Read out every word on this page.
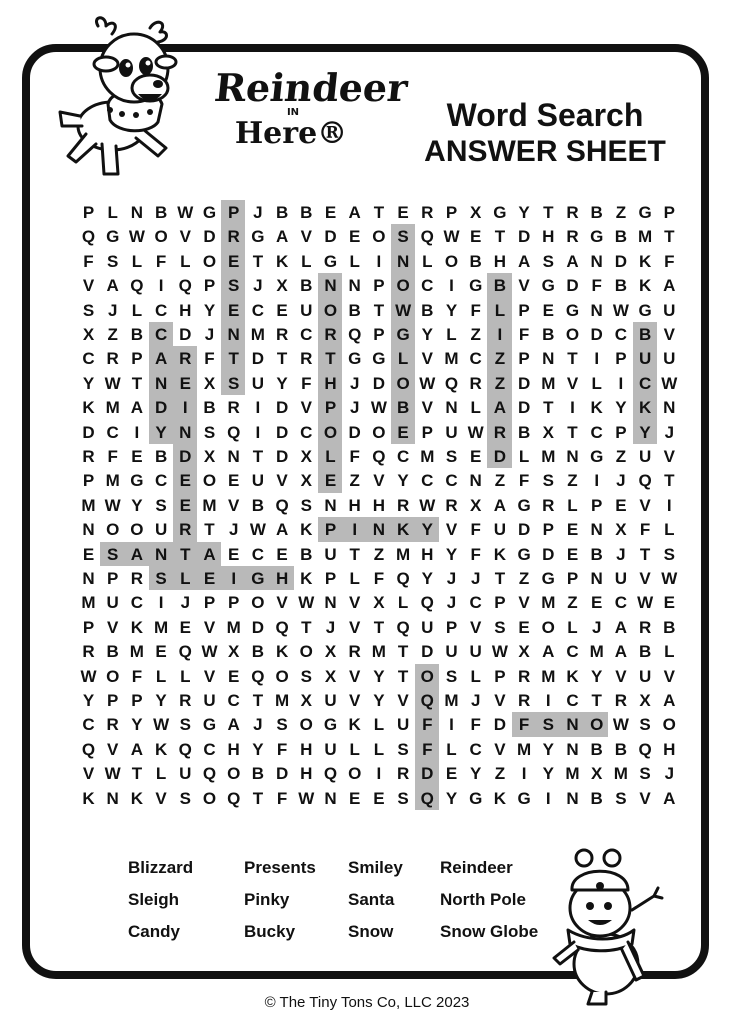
Reindeer
IN
Here®
Word Search
ANSWER SHEET
P L N B W G P J B B E A T E R P X G Y T R B Z G P
Q G W O V D R G A V D E O S Q W E T D H R G B M T
F S L F L O E T K L G L I N L O B H A S A N D K F
V A Q I Q P S J X B N N P O C I G B V G D F B K A
S J L C H Y E C E U O B T W B Y F L P E G N W G U
X Z B C D J N M R C R Q P G Y L Z I F B O D C B V
C R P A R F T D T R T G G L V M C Z P N T I P U U
Y W T N E X S U Y F H J D O W Q R Z D M V L I C W
K M A D I B R I D V P J W B V N L A D T I K Y K N
D C I Y N S Q I D C O D O E P U W R B X T C P Y J
R F E B D X N T D X L F Q C M S E D L M N G Z U V
P M G C E O E U V X E Z V Y C C N Z F S Z I	J Q T
M W Y S E M V B Q S N H H R W R X A G R L P E V I
N O O U R T J W A K P I N K Y V F U D P E N X F L
E S A N T A E C E B U T Z M H Y F K G D E B J T S
N P R S L E I G H K P L F Q Y J J T Z G P N U V W
M U C I	J P P O V W N V X L Q J C P V M Z E C W E
P V K M E V M D Q T J V T Q U P V S E O L J A R B
R B M E Q W X B K O X R M T D U U W X A C M A B L
W O F L L V E Q O S X V Y T O S L P R M K Y V U V
Y P P Y R U C T M X U V Y V Q M J V R I C T R X A
C R Y W S G A J S O G K L U F I F D F S N O W S O
Q V A K Q C H Y F H U L L S F L C V M Y N B B Q H
V W T L U Q O B D H Q O I R D E Y Z I Y M X M S J
K N K V S O Q T F W N E E S Q Y G K G I N B S V A
Blizzard	Presents Smiley Reindeer
Sleigh	Pinky	Santa	North Pole
Candy	Bucky	Snow	Snow Globe
© The Tiny Tons Co, LLC 2023
